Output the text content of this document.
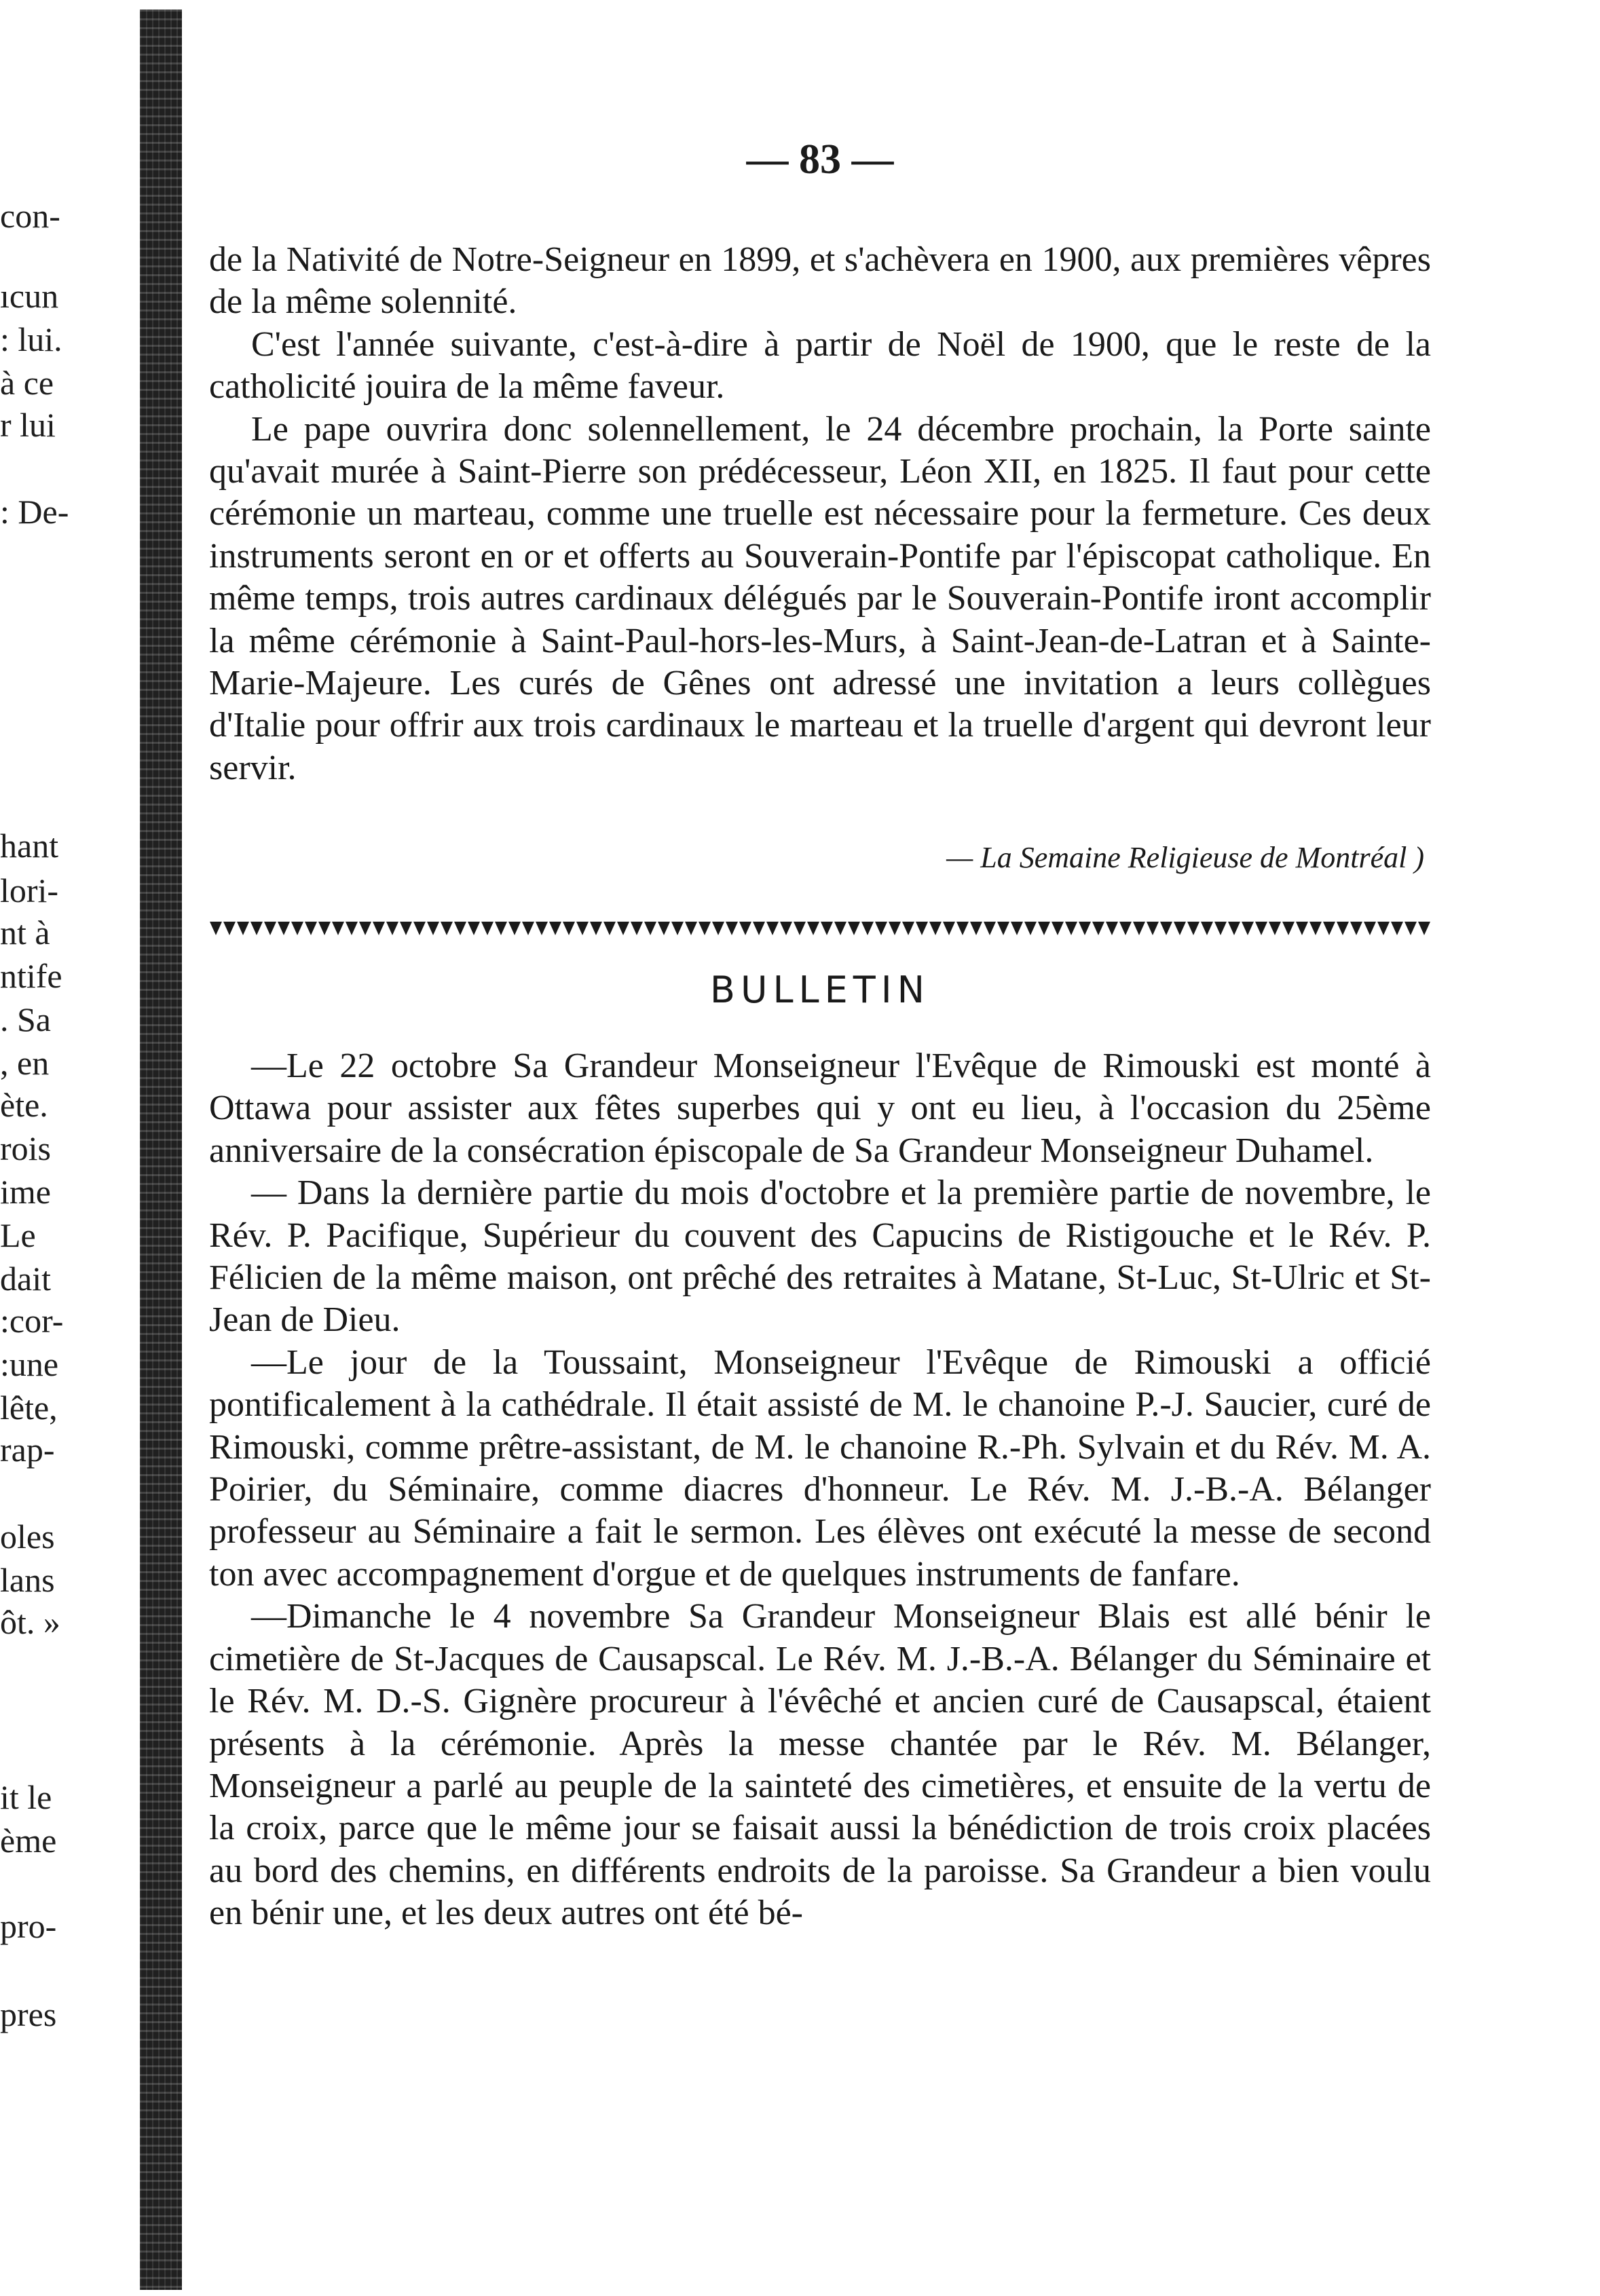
con-
ıcun
: lui.
à ce
r lui
: De-
hant
lori-
nt à
ntife
. Sa
, en
ète.
rois
ime
Le
dait
:cor-
:une
lête,
rap-
oles
lans
ôt. »
it le
ème
pro-
pres
— 83 —

de la Nativité de Notre-Seigneur en 1899, et s'achèvera en 1900, aux premières vêpres de la même solennité.

C'est l'année suivante, c'est-à-dire à partir de Noël de 1900, que le reste de la catholicité jouira de la même faveur.

Le pape ouvrira donc solennellement, le 24 décembre prochain, la Porte sainte qu'avait murée à Saint-Pierre son prédécesseur, Léon XII, en 1825. Il faut pour cette cérémonie un marteau, comme une truelle est nécessaire pour la fermeture. Ces deux instruments seront en or et offerts au Souverain-Pontife par l'épiscopat catholique. En même temps, trois autres cardinaux délégués par le Souverain-Pontife iront accomplir la même cérémonie à Saint-Paul-hors-les-Murs, à Saint-Jean-de-Latran et à Sainte-Marie-Majeure. Les curés de Gênes ont adressé une invitation a leurs collègues d'Italie pour offrir aux trois cardinaux le marteau et la truelle d'argent qui devront leur servir.

— La Semaine Religieuse de Montréal )
BULLETIN

—Le 22 octobre Sa Grandeur Monseigneur l'Evêque de Rimouski est monté à Ottawa pour assister aux fêtes superbes qui y ont eu lieu, à l'occasion du 25ème anniversaire de la consécration épiscopale de Sa Grandeur Monseigneur Duhamel.

— Dans la dernière partie du mois d'octobre et la première partie de novembre, le Rév. P. Pacifique, Supérieur du couvent des Capucins de Ristigouche et le Rév. P. Félicien de la même maison, ont prêché des retraites à Matane, St-Luc, St-Ulric et St-Jean de Dieu.

—Le jour de la Toussaint, Monseigneur l'Evêque de Rimouski a officié pontificalement à la cathédrale. Il était assisté de M. le chanoine P.-J. Saucier, curé de Rimouski, comme prêtre-assistant, de M. le chanoine R.-Ph. Sylvain et du Rév. M. A. Poirier, du Séminaire, comme diacres d'honneur. Le Rév. M. J.-B.-A. Bélanger professeur au Séminaire a fait le sermon. Les élèves ont exécuté la messe de second ton avec accompagnement d'orgue et de quelques instruments de fanfare.

—Dimanche le 4 novembre Sa Grandeur Monseigneur Blais est allé bénir le cimetière de St-Jacques de Causapscal. Le Rév. M. J.-B.-A. Bélanger du Séminaire et le Rév. M. D.-S. Gignère procureur à l'évêché et ancien curé de Causapscal, étaient présents à la cérémonie. Après la messe chantée par le Rév. M. Bélanger, Monseigneur a parlé au peuple de la sainteté des cimetières, et ensuite de la vertu de la croix, parce que le même jour se faisait aussi la bénédiction de trois croix placées au bord des chemins, en différents endroits de la paroisse. Sa Grandeur a bien voulu en bénir une, et les deux autres ont été bé-
